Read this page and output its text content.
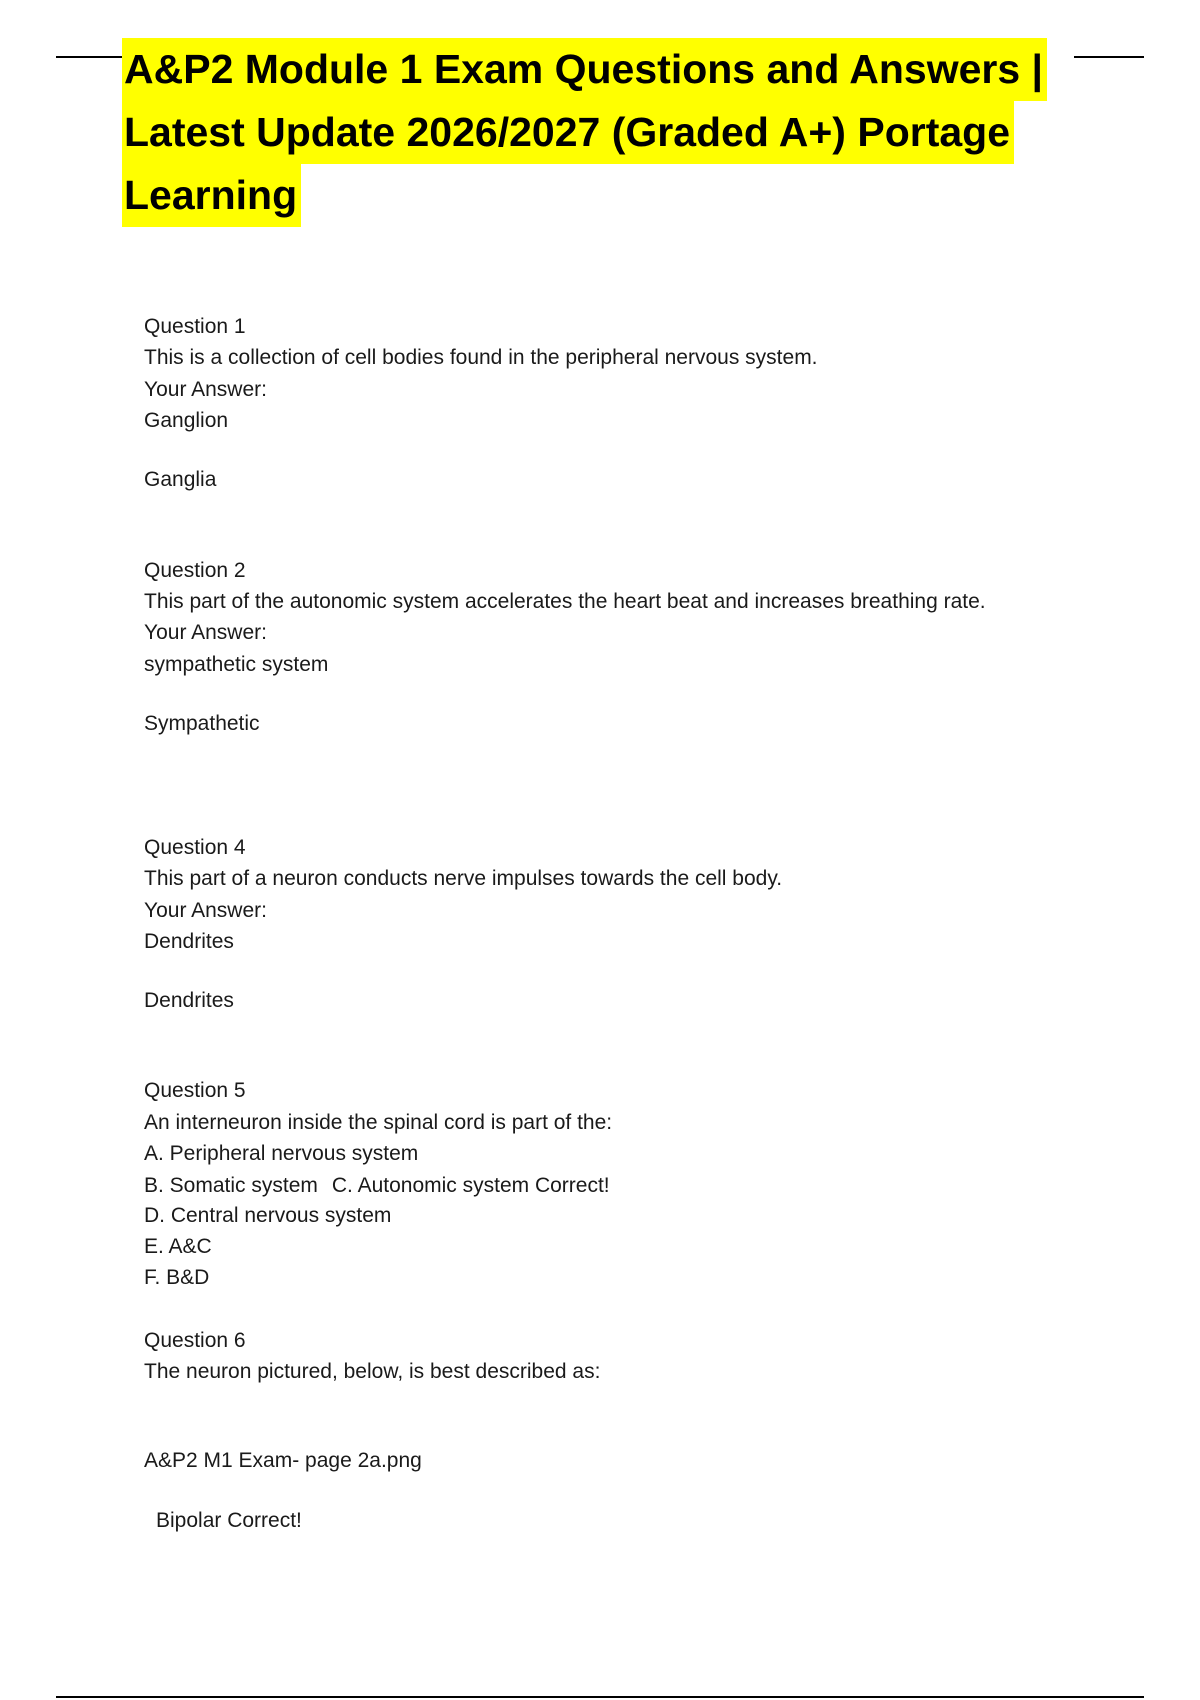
A&P2 Module 1 Exam Questions and Answers |
Latest Update 2026/2027 (Graded A+) Portage
Learning
Question 1
This is a collection of cell bodies found in the peripheral nervous system.
Your Answer:
Ganglion
Ganglia
Question 2
This part of the autonomic system accelerates the heart beat and increases breathing rate.
Your Answer:
sympathetic system
Sympathetic
Question 4
This part of a neuron conducts nerve impulses towards the cell body.
Your Answer:
Dendrites
Dendrites
Question 5
An interneuron inside the spinal cord is part of the:
A. Peripheral nervous system
B. Somatic system C. Autonomic system Correct!
D. Central nervous system
E. A&C
F. B&D
Question 6
The neuron pictured, below, is best described as:
A&P2 M1 Exam- page 2a.png
Bipolar Correct!
